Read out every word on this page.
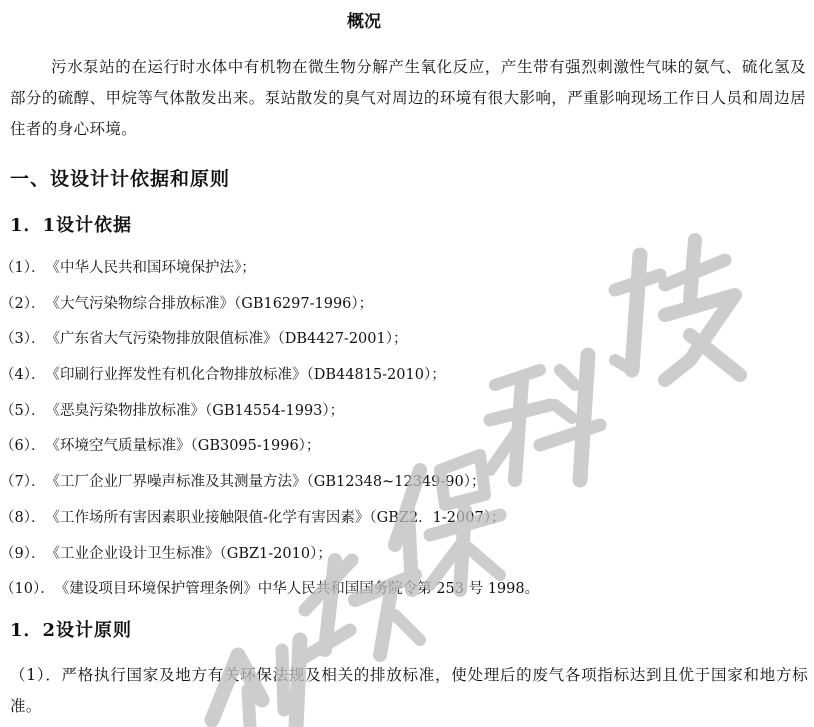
概况
污水泵站的在运行时水体中有机物在微生物分解产生氧化反应，产生带有强烈刺激性气味的氨气、硫化氢及部分的硫醇、甲烷等气体散发出来。泵站散发的臭气对周边的环境有很大影响，严重影响现场工作日人员和周边居住者的身心环境。
一、设设计计依据和原则
1．1设计依据
（1）．《中华人民共和国环境保护法》；
（2）．《大气污染物综合排放标准》（GB16297-1996）；
（3）．《广东省大气污染物排放限值标准》（DB4427-2001）；
（4）．《印刷行业挥发性有机化合物排放标准》（DB44815-2010）；
（5）．《恶臭污染物排放标准》（GB14554-1993）；
（6）．《环境空气质量标准》（GB3095-1996）；
（7）．《工厂企业厂界噪声标准及其测量方法》（GB12348~12349-90）；
（8）．《工作场所有害因素职业接触限值-化学有害因素》（GBZ2．1-2007）；
（9）．《工业企业设计卫生标准》（GBZ1-2010）；
（10）．《建设项目环境保护管理条例》中华人民共和国国务院令第 253 号 1998。
1．2设计原则
（1）．严格执行国家及地方有关环保法规及相关的排放标准，使处理后的废气各项指标达到且优于国家和地方标准。
